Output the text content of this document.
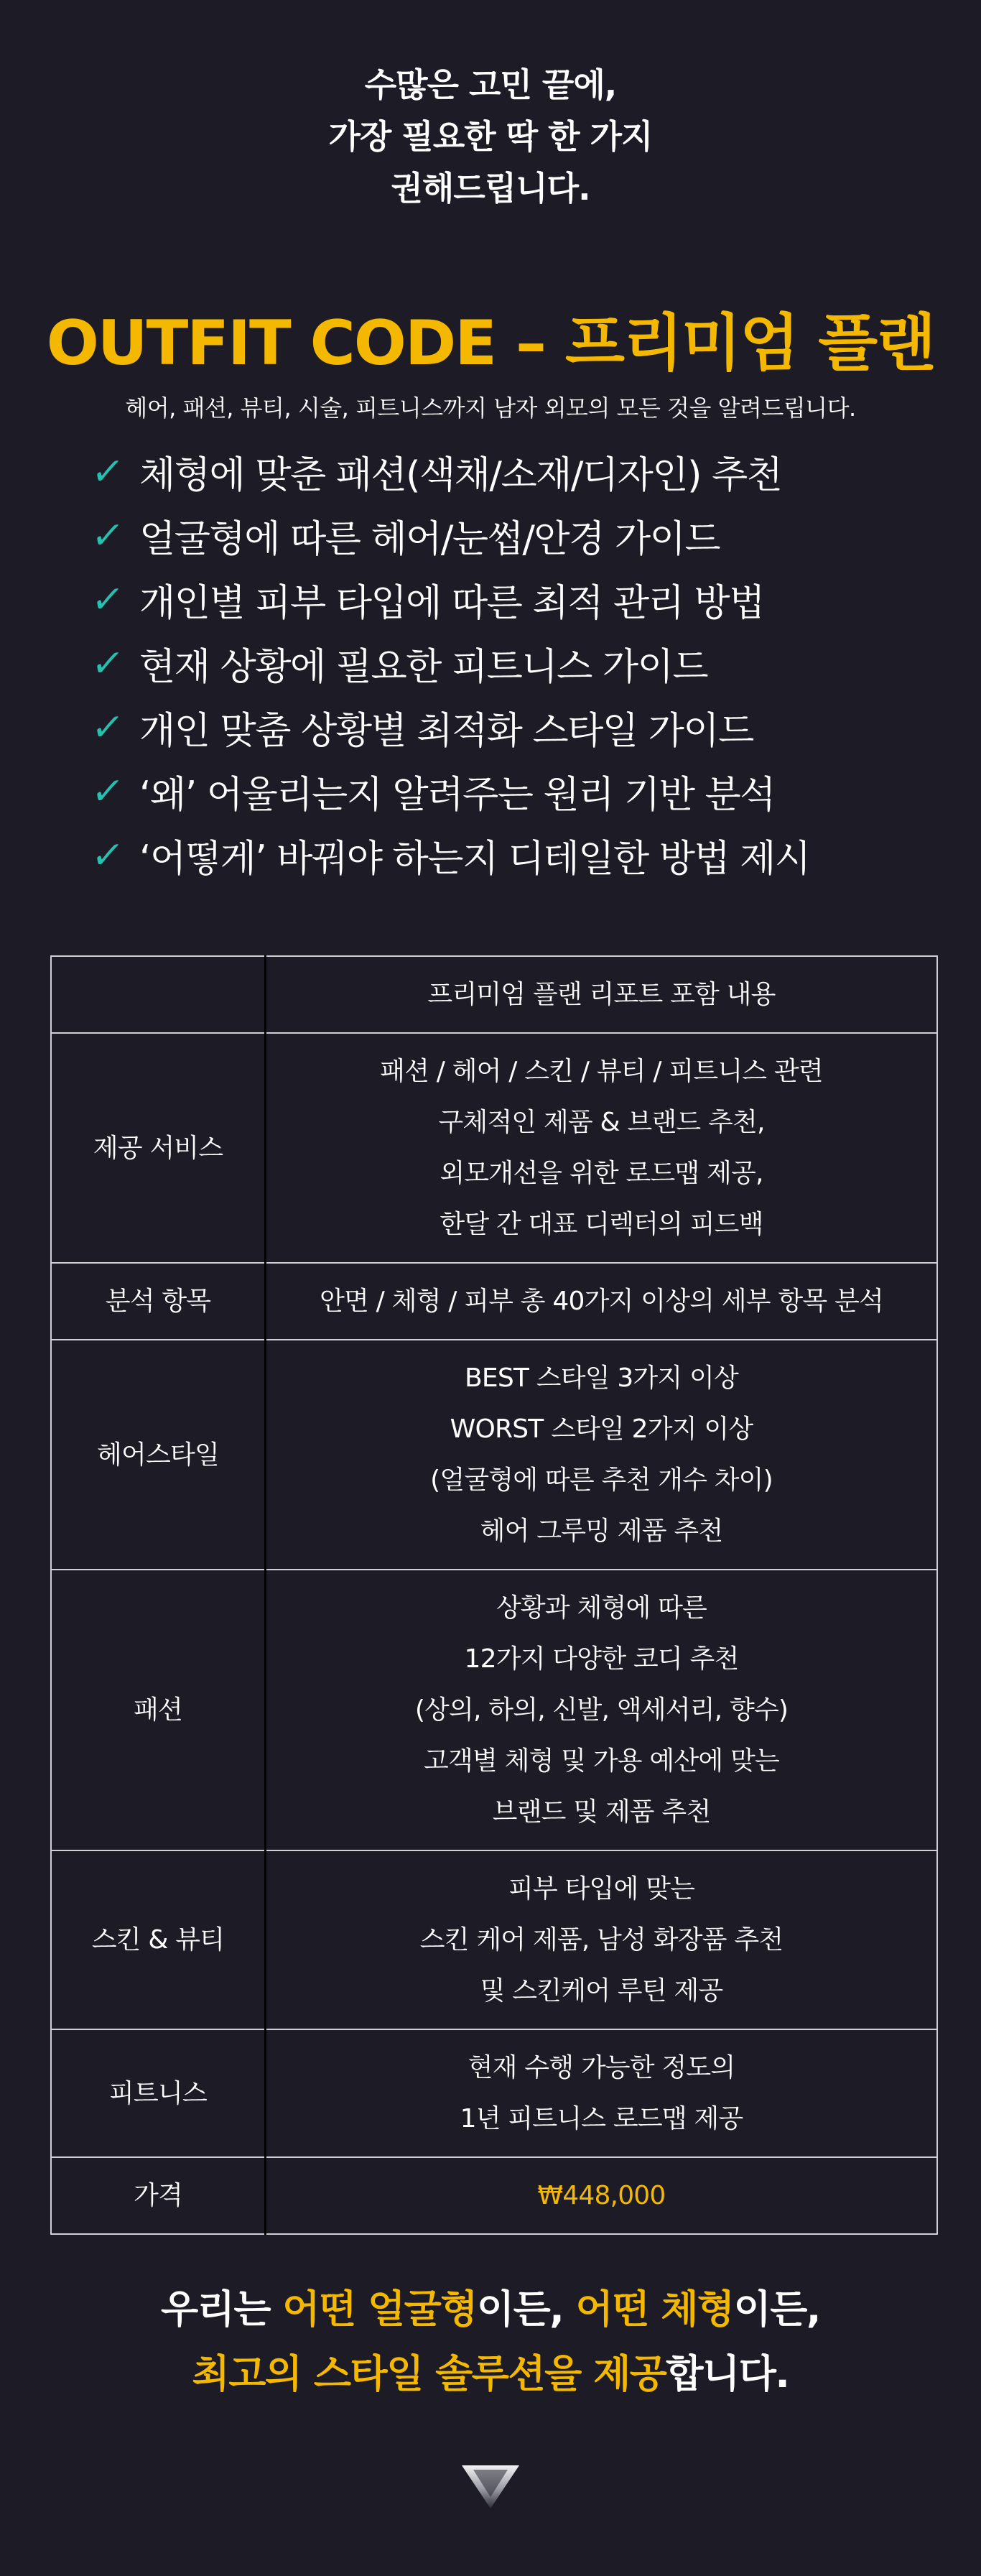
수많은 고민 끝에,
가장 필요한 딱 한 가지
권해드립니다.
OUTFIT CODE – 프리미엄 플랜
헤어, 패션, 뷰티, 시술, 피트니스까지 남자 외모의 모든 것을 알려드립니다.
✓ 체형에 맞춘 패션(색채/소재/디자인) 추천
✓ 얼굴형에 따른 헤어/눈썹/안경 가이드
✓ 개인별 피부 타입에 따른 최적 관리 방법
✓ 현재 상황에 필요한 피트니스 가이드
✓ 개인 맞춤 상황별 최적화 스타일 가이드
✓ ‘왜’ 어울리는지 알려주는 원리 기반 분석
✓ ‘어떻게’ 바꿔야 하는지 디테일한 방법 제시
	프리미엄 플랜 리포트 포함 내용
제공 서비스	패션 / 헤어 / 스킨 / 뷰티 / 피트니스 관련
구체적인 제품 & 브랜드 추천,
외모개선을 위한 로드맵 제공,
한달 간 대표 디렉터의 피드백

분석 항목	안면 / 체형 / 피부 총 40가지 이상의 세부 항목 분석

헤어스타일	BEST 스타일 3가지 이상
WORST 스타일 2가지 이상
(얼굴형에 따른 추천 개수 차이)
헤어 그루밍 제품 추천

패션	상황과 체형에 따른
12가지 다양한 코디 추천
(상의, 하의, 신발, 액세서리, 향수)
고객별 체형 및 가용 예산에 맞는
브랜드 및 제품 추천

스킨 & 뷰티	피부 타입에 맞는
스킨 케어 제품, 남성 화장품 추천
및 스킨케어 루틴 제공

피트니스	현재 수행 가능한 정도의
1년 피트니스 로드맵 제공

가격	₩448,000
우리는 어떤 얼굴형이든, 어떤 체형이든,
최고의 스타일 솔루션을 제공합니다.
